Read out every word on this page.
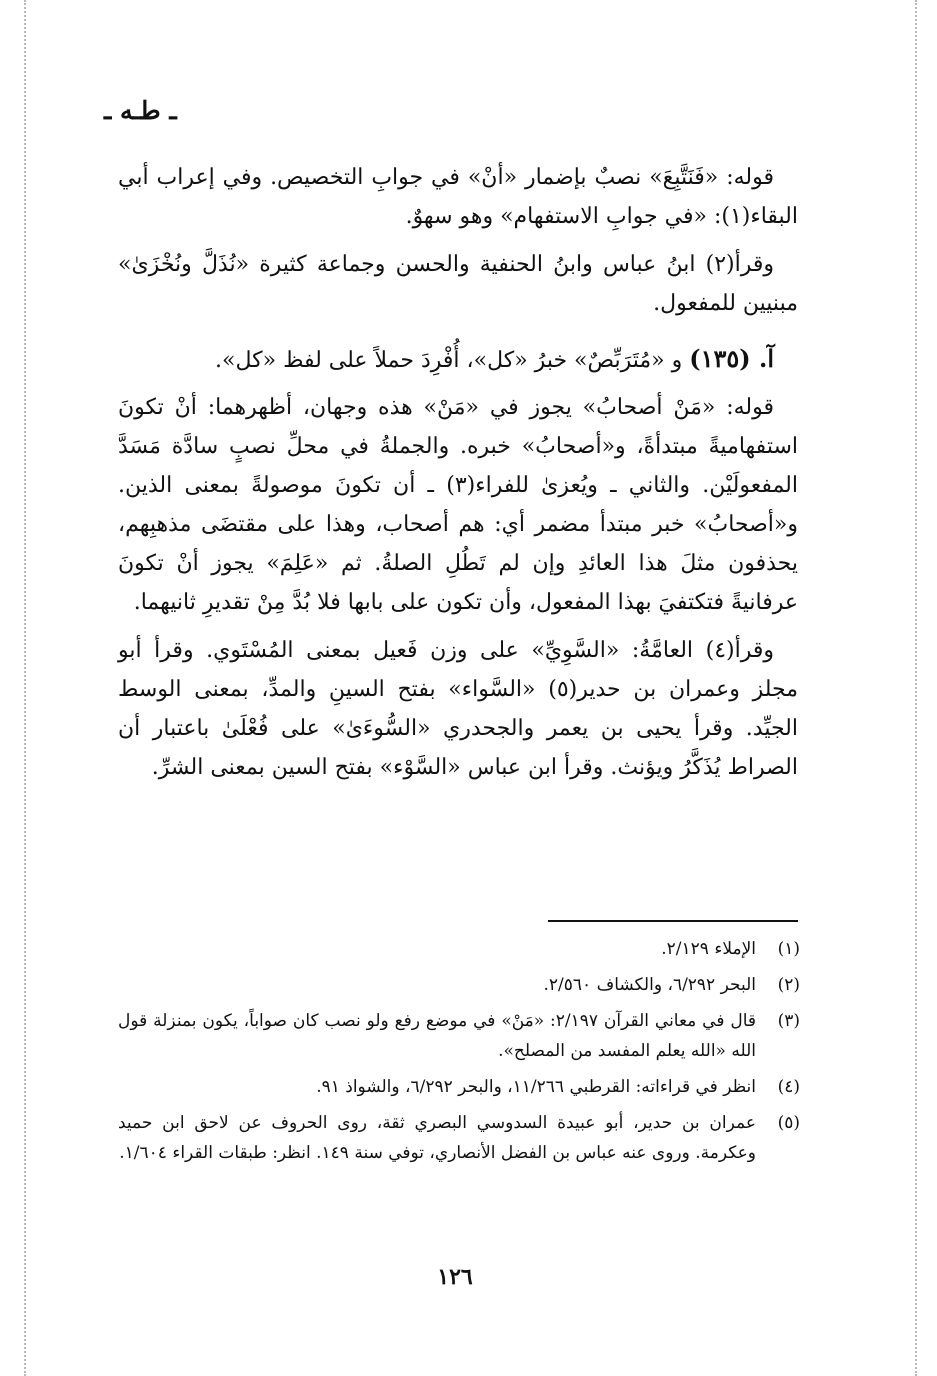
ـ طـه ـ

قوله: «فَنَتَّبِعَ» نصبٌ بإضمار «أنْ» في جوابِ التخصيص. وفي إعراب أبي البقاء(١): «في جوابِ الاستفهام» وهو سهوٌ.

وقرأ(٢) ابنُ عباس وابنُ الحنفية والحسن وجماعة كثيرة «نُذَلَّ ونُخْزَىٰ» مبنيين للمفعول.

آ. (١٣٥) و «مُتَرَبِّصٌ» خبرُ «كل»، أُفْرِدَ حملاً على لفظ «كل».

قوله: «مَنْ أصحابُ» يجوز في «مَنْ» هذه وجهان، أظهرهما: أنْ تكونَ استفهاميةً مبتدأةً، و«أصحابُ» خبره. والجملةُ في محلِّ نصبٍ سادَّة مَسَدَّ المفعولَيْن. والثاني ـ ويُعزىٰ للفراء(٣) ـ أن تكونَ موصولةً بمعنى الذين. و«أصحابُ» خبر مبتدأ مضمر أي: هم أصحاب، وهذا على مقتضَى مذهبِهم، يحذفون مثلَ هذا العائدِ وإن لم تَطُلِ الصلةُ. ثم «عَلِمَ» يجوز أنْ تكونَ عرفانيةً فتكتفيَ بهذا المفعول، وأن تكون على بابها فلا بُدَّ مِنْ تقديرِ ثانيهما.

وقرأ(٤) العامَّةُ: «السَّوِيِّ» على وزن فَعيل بمعنى المُسْتَوي. وقرأ أبو مجلز وعمران بن حدير(٥) «السَّواء» بفتح السينِ والمدِّ، بمعنى الوسط الجيِّد. وقرأ يحيى بن يعمر والجحدري «السُّوءَىٰ» على فُعْلَىٰ باعتبار أن الصراط يُذَكَّرُ ويؤنث. وقرأ ابن عباس «السَّوْء» بفتح السين بمعنى الشرِّ.

(١)
الإملاء ٢/١٢٩.
(٢)
البحر ٦/٢٩٢، والكشاف ٢/٥٦٠.
(٣)
قال في معاني القرآن ٢/١٩٧: «مَنْ» في موضع رفع ولو نصب كان صواباً، يكون بمنزلة قول الله «الله يعلم المفسد من المصلح».
(٤)
انظر في قراءاته: القرطبي ١١/٢٦٦، والبحر ٦/٢٩٢، والشواذ ٩١.
(٥)
عمران بن حدير، أبو عبيدة السدوسي البصري ثقة، روى الحروف عن لاحق ابن حميد وعكرمة. وروى عنه عباس بن الفضل الأنصاري، توفي سنة ١٤٩. انظر: طبقات القراء ١/٦٠٤.
١٢٦
